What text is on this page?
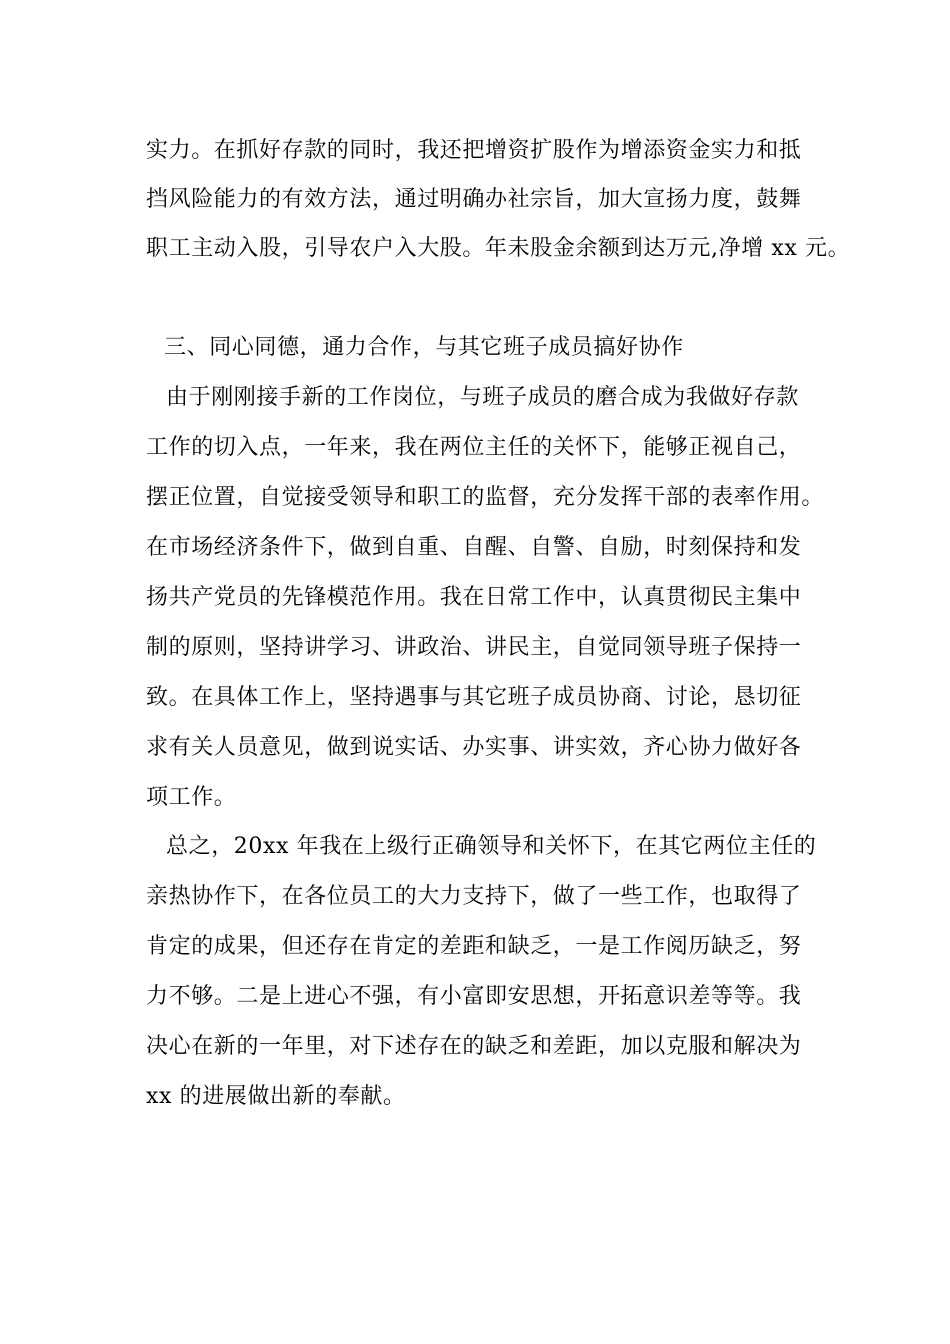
实力。在抓好存款的同时，我还把增资扩股作为增添资金实力和抵
挡风险能力的有效方法，通过明确办社宗旨，加大宣扬力度，鼓舞
职工主动入股，引导农户入大股。年未股金余额到达万元,净增 xx 元。
三、同心同德，通力合作，与其它班子成员搞好协作
由于刚刚接手新的工作岗位，与班子成员的磨合成为我做好存款
工作的切入点，一年来，我在两位主任的关怀下，能够正视自己，
摆正位置，自觉接受领导和职工的监督，充分发挥干部的表率作用。
在市场经济条件下，做到自重、自醒、自警、自励，时刻保持和发
扬共产党员的先锋模范作用。我在日常工作中，认真贯彻民主集中
制的原则，坚持讲学习、讲政治、讲民主，自觉同领导班子保持一
致。在具体工作上，坚持遇事与其它班子成员协商、讨论，恳切征
求有关人员意见，做到说实话、办实事、讲实效，齐心协力做好各
项工作。
总之，20xx 年我在上级行正确领导和关怀下，在其它两位主任的
亲热协作下，在各位员工的大力支持下，做了一些工作，也取得了
肯定的成果，但还存在肯定的差距和缺乏，一是工作阅历缺乏，努
力不够。二是上进心不强，有小富即安思想，开拓意识差等等。我
决心在新的一年里，对下述存在的缺乏和差距，加以克服和解决为
xx 的进展做出新的奉献。
